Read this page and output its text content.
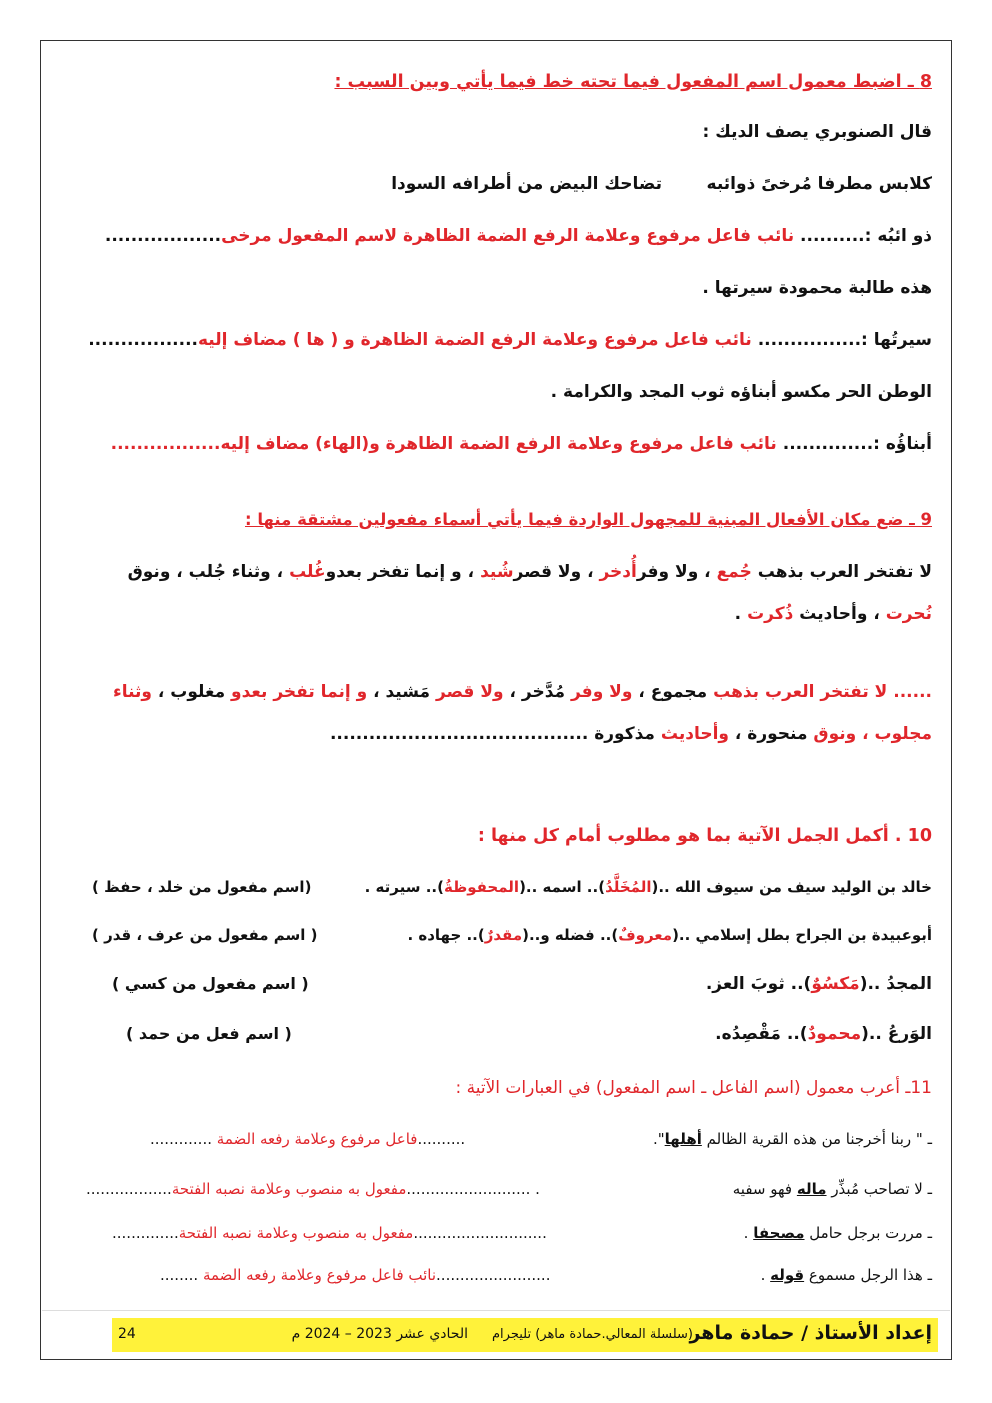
8 ـ اضبط معمول اسم المفعول فيما تحته خط فيما يأتي وبين السبب :
قال الصنوبري يصف الديك :
كلابس مطرفا مُرخىً ذوائبه
تضاحك البيض من أطرافه السودا
ذو ائبُه :.......... نائب فاعل مرفوع وعلامة الرفع الضمة الظاهرة لاسم المفعول مرخى..................
هذه طالبة محمودة سيرتها .
سيرتُها :................ نائب فاعل مرفوع وعلامة الرفع الضمة الظاهرة و ( ها ) مضاف إليه.................
الوطن الحر مكسو أبناؤه ثوب المجد والكرامة .
أبناؤُه :.............. نائب فاعل مرفوع وعلامة الرفع الضمة الظاهرة و(الهاء) مضاف إليه.................
9 ـ ضع مكان الأفعال المبنية للمجهول الواردة فيما يأتي أسماء مفعولين مشتقة منها :
لا تفتخر العرب بذهب جُمع ، ولا وفرأُدخر ، ولا قصرشُيد ، و إنما تفخر بعدوغُلب ، وثناء جُلب ، ونوق
نُحرت ، وأحاديث ذُكرت .
...... لا تفتخر العرب بذهب مجموع ، ولا وفر مُدَّخر ، ولا قصر مَشيد ، و إنما تفخر بعدو مغلوب ، وثناء
مجلوب ، ونوق منحورة ، وأحاديث مذكورة ........................................
10 . أكمل الجمل الآتية بما هو مطلوب أمام كل منها :
خالد بن الوليد سيف من سيوف الله ..(المُخَلَّدُ).. اسمه ..(المحفوظةُ).. سيرته .
(اسم مفعول من خلد ، حفظ )
أبوعبيدة بن الجراح بطل إسلامي ..(معروفٌ).. فضله و..(مقدرٌ).. جهاده .
( اسم مفعول من عرف ، قدر )
المجدُ ..(مَكسُوٌ).. ثوبَ العز.
( اسم مفعول من كسي )
الوَرعُ ..(محمودٌ).. مَقْصِدُه.
( اسم فعل من حمد )
11ـ أعرب معمول (اسم الفاعل ـ اسم المفعول) في العبارات الآتية :
ـ " ربنا أخرجنا من هذه القرية الظالم أهلها".
..........فاعل مرفوع وعلامة رفعه الضمة .............
ـ لا تصاحب مُبذِّر ماله فهو سفيه
. ..........................مفعول به منصوب وعلامة نصبه الفتحة..................
ـ مررت برجل حامل مصحفا .
............................مفعول به منصوب وعلامة نصبه الفتحة..............
ـ هذا الرجل مسموع قوله .
........................نائب فاعل مرفوع وعلامة رفعه الضمة ........
إعداد الأستاذ / حمادة ماهر
(سلسلة المعالي.حمادة ماهر) تليجرام
الحادي عشر 2023 – 2024 م
24
